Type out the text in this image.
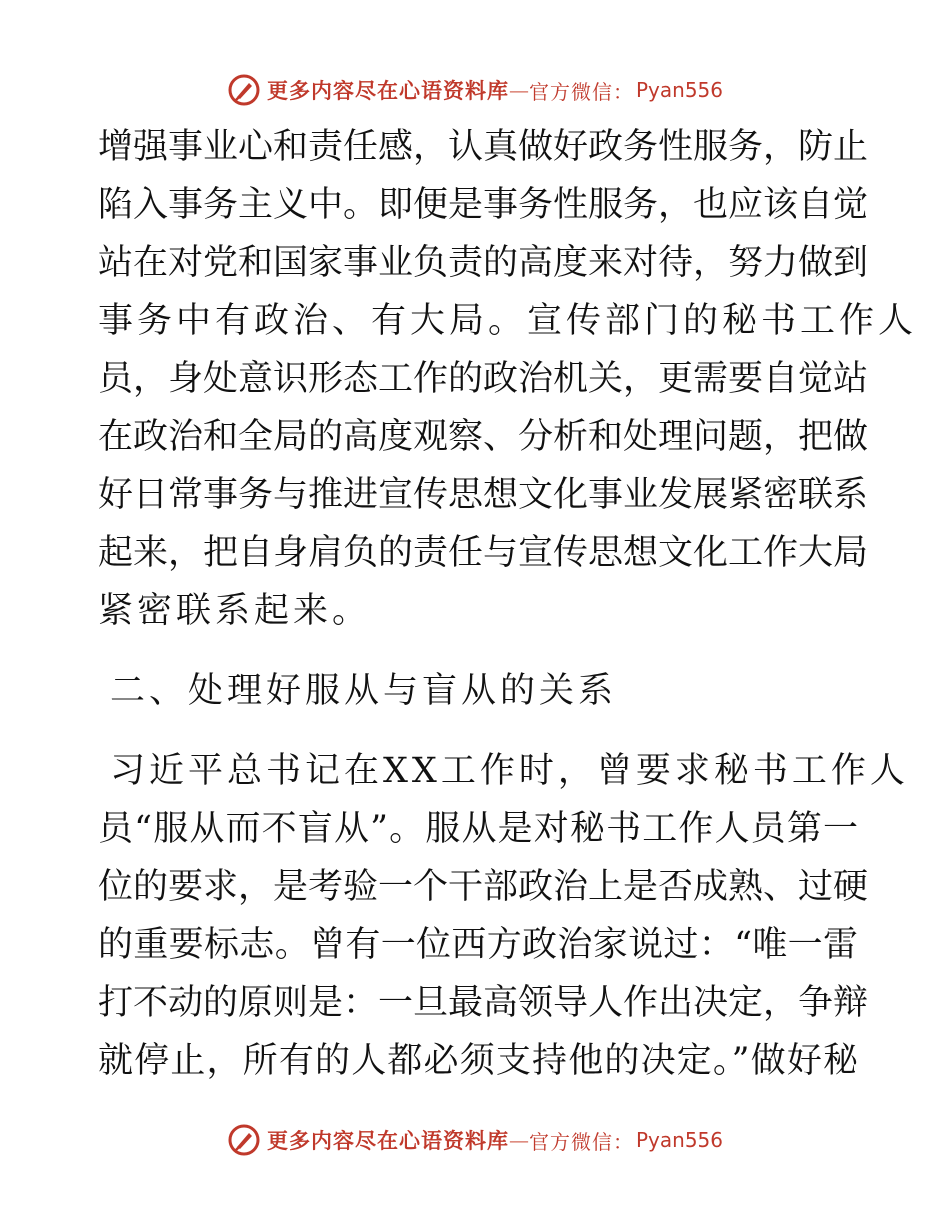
更多内容尽在心语资料库 — 官方微信： Pyan556
增强事业心和责任感，认真做好政务性服务，防止
陷入事务主义中。即便是事务性服务，也应该自觉
站在对党和国家事业负责的高度来对待，努力做到
事务中有政治、有大局。宣传部门的秘书工作人
员，身处意识形态工作的政治机关，更需要自觉站
在政治和全局的高度观察、分析和处理问题，把做
好日常事务与推进宣传思想文化事业发展紧密联系
起来，把自身肩负的责任与宣传思想文化工作大局
紧密联系起来。
二、处理好服从与盲从的关系
习近平总书记在XX工作时，曾要求秘书工作人
员“服从而不盲从”。服从是对秘书工作人员第一
位的要求，是考验一个干部政治上是否成熟、过硬
的重要标志。曾有一位西方政治家说过：“唯一雷
打不动的原则是：一旦最高领导人作出决定，争辩
就停止，所有的人都必须支持他的决定。”做好秘
更多内容尽在心语资料库 — 官方微信： Pyan556
